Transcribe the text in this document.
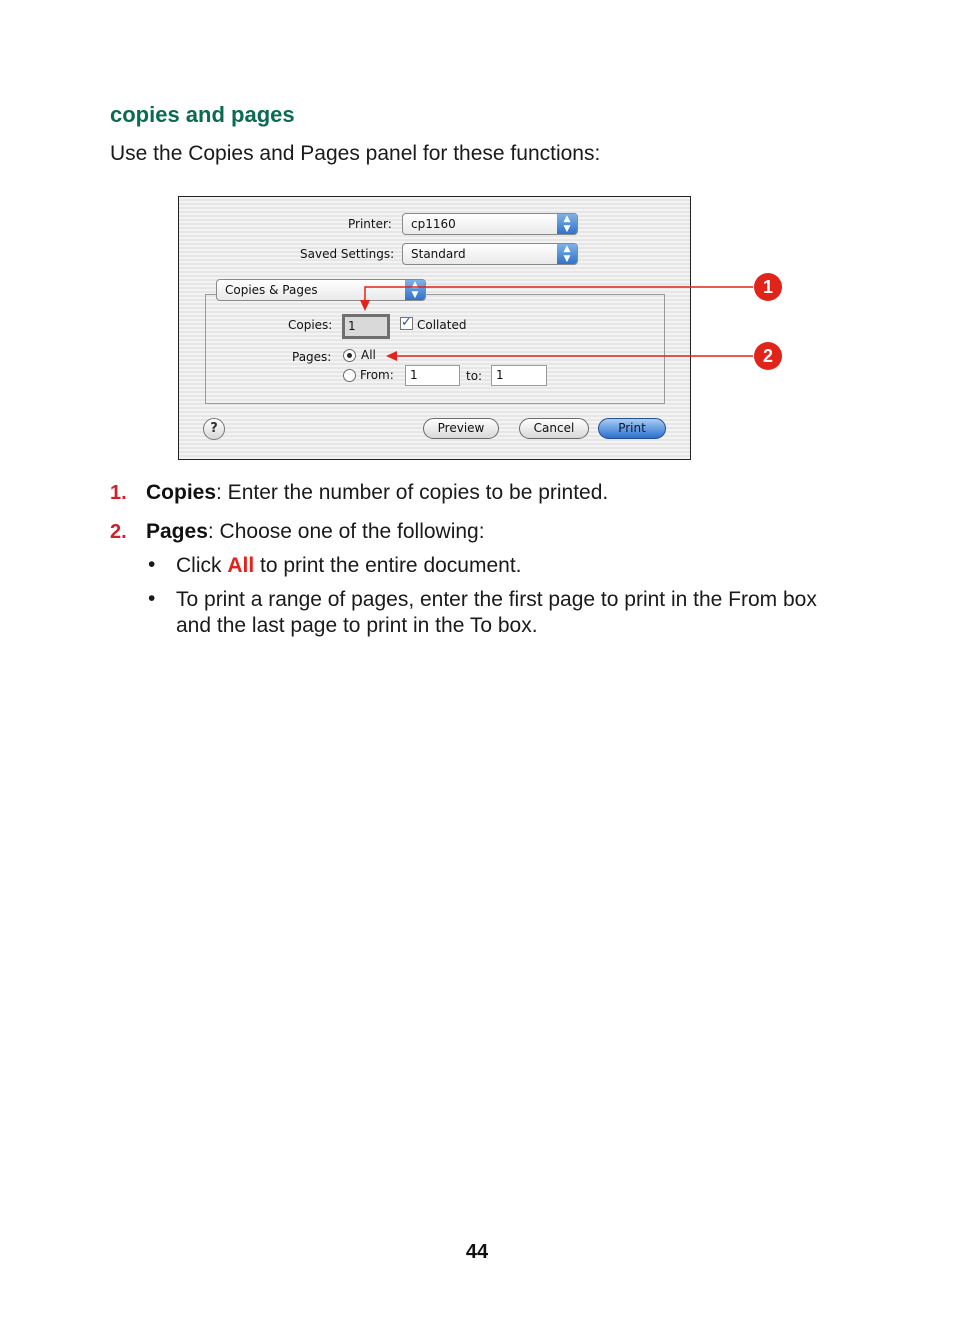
copies and pages
Use the Copies and Pages panel for these functions:
Printer:	cp1160	▲
▼
Saved Settings:	Standard	▲
▼
Copies & Pages	▲
▼
Copies:	1	✓ Collated
Pages: All
From:	1	to:	1
?	Preview	Cancel	Print
1
2
1. Copies: Enter the number of copies to be printed.
2. Pages: Choose one of the following:
• Click All to print the entire document.
• To print a range of pages, enter the first page to print in the From box and the last page to print in the To box.
44
